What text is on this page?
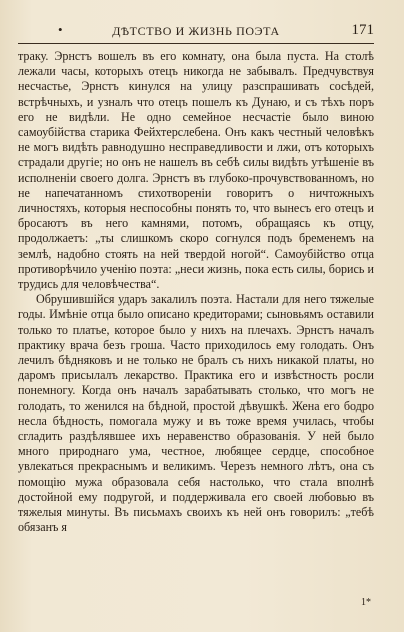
•	ДѢТСТВО И ЖИЗНЬ ПОЭТА	171

траку. Эрнстъ вошелъ въ его комнату, она была пуста. На столѣ лежали часы, которыхъ отецъ никогда не забывалъ. Предчувствуя несчастье, Эрнстъ кинулся на улицу разспрашивать сосѣдей, встрѣчныхъ, и узналъ что отецъ пошелъ къ Дунаю, и съ тѣхъ поръ его не видѣли. Не одно семейное несчастіе было виною самоубійства старика Фейхтерслебена. Онъ какъ честный человѣкъ не могъ видѣть равнодушно несправедливости и лжи, отъ которыхъ страдали другіе; но онъ не нашелъ въ себѣ силы видѣть утѣшеніе въ исполненіи своего долга. Эрнстъ въ глубоко-прочувствованномъ, но не напечатанномъ стихотвореніи говоритъ о ничтожныхъ личностяхъ, которыя неспособны понять то, что вынесъ его отецъ и бросаютъ въ него камнями, потомъ, обращаясь къ отцу, продолжаетъ: „ты слишкомъ скоро согнулся подъ бременемъ на землѣ, надобно стоять на ней твердой ногой“. Самоубійство отца противорѣчило ученію поэта: „неси жизнь, пока есть силы, борись и трудись для человѣчества“.

Обрушившійся ударъ закалилъ поэта. Настали для него тяжелые годы. Имѣніе отца было описано кредиторами; сыновьямъ оставили только то платье, которое было у нихъ на плечахъ. Эрнстъ началъ практику врача безъ гроша. Часто приходилось ему голодать. Онъ лечилъ бѣдняковъ и не только не бралъ съ нихъ никакой платы, но даромъ присылалъ лекарство. Практика его и извѣстность росли понемногу. Когда онъ началъ зарабатывать столько, что могъ не голодать, то женился на бѣдной, простой дѣвушкѣ. Жена его бодро несла бѣдность, помогала мужу и въ тоже время училась, чтобы сгладить раздѣлявшее ихъ неравенство образованія. У ней было много природнаго ума, честное, любящее сердце, способное увлекаться прекраснымъ и великимъ. Черезъ немного лѣтъ, она съ помощію мужа образовала себя настолько, что стала вполнѣ достойной ему подругой, и поддерживала его своей любовью въ тяжелыя минуты. Въ письмахъ своихъ къ ней онъ говорилъ: „тебѣ обязанъ я

1*
